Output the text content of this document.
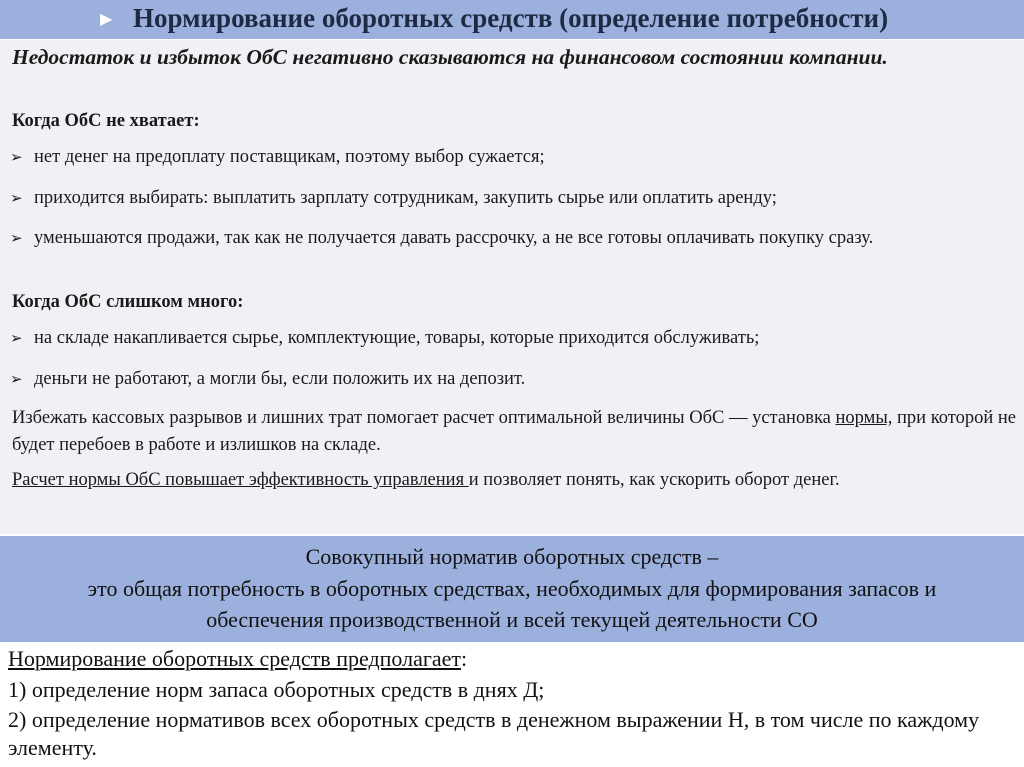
▶ Нормирование оборотных средств (определение потребности)

Недостаток и избыток ОбС негативно сказываются на финансовом состоянии компании.

Когда ОбС не хватает:

➢ нет денег на предоплату поставщикам, поэтому выбор сужается;
➢ приходится выбирать: выплатить зарплату сотрудникам, закупить сырье или оплатить аренду;
➢ уменьшаются продажи, так как не получается давать рассрочку, а не все готовы оплачивать покупку сразу.

Когда ОбС слишком много:

➢ на складе накапливается сырье, комплектующие, товары, которые приходится обслуживать;
➢ деньги не работают, а могли бы, если положить их на депозит.

Избежать кассовых разрывов и лишних трат помогает расчет оптимальной величины ОбС — установка нормы, при которой не будет перебоев в работе и излишков на складе.

Расчет нормы ОбС повышает эффективность управления и позволяет понять, как ускорить оборот денег.

Совокупный норматив оборотных средств –

это общая потребность в оборотных средствах, необходимых для формирования запасов и

обеспечения производственной и всей текущей деятельности СО

Нормирование оборотных средств предполагает:

1) определение норм запаса оборотных средств в днях Д;

2) определение нормативов всех оборотных средств в денежном выражении Н, в том числе по каждому элементу.
